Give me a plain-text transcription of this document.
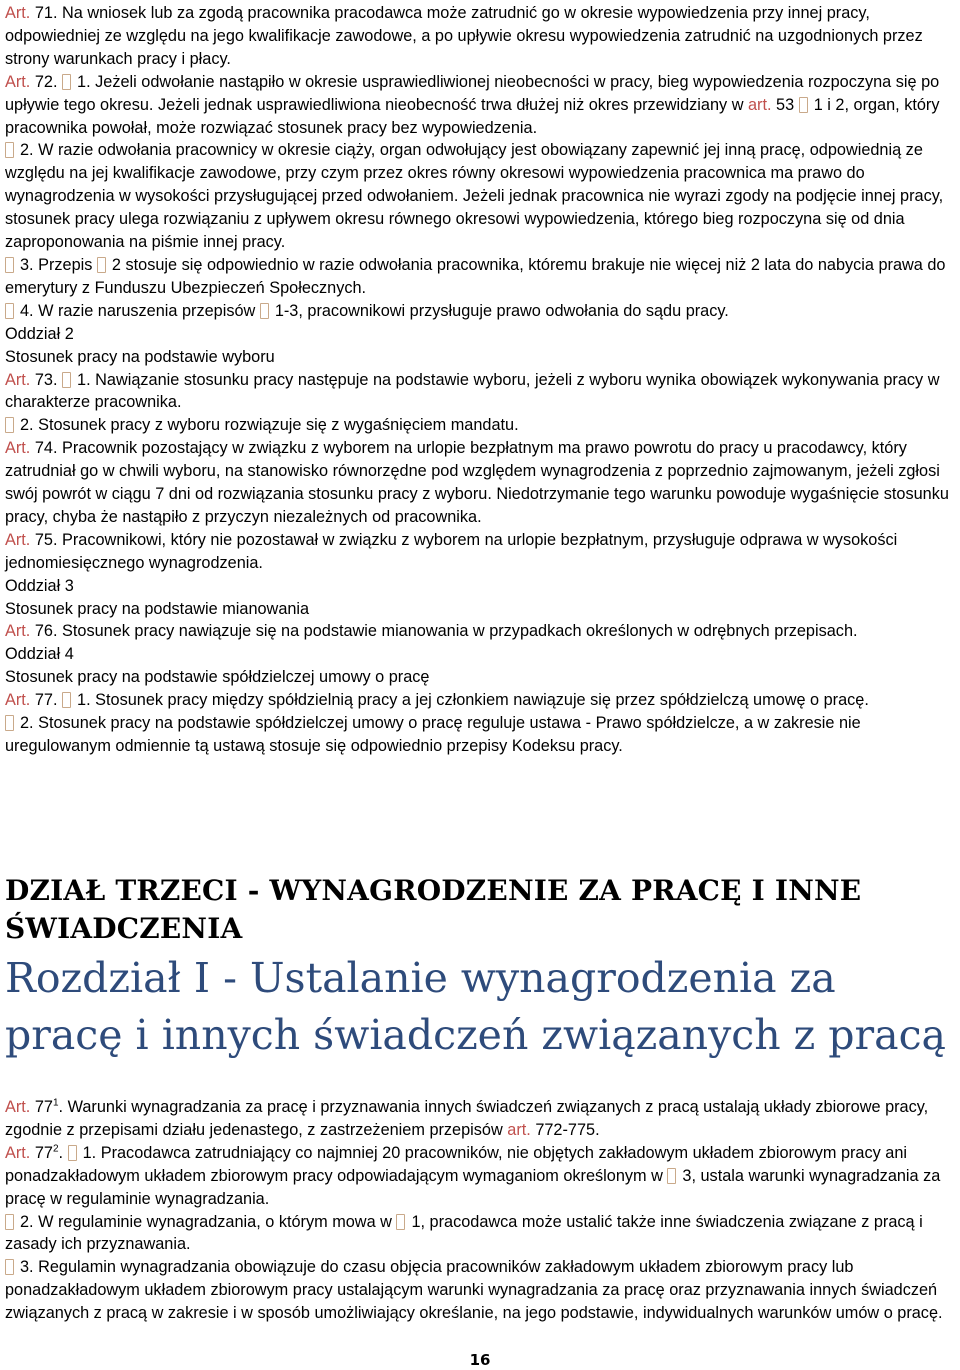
Art. 71. Na wniosek lub za zgodą pracownika pracodawca może zatrudnić go w okresie wypowiedzenia przy innej pracy, odpowiedniej ze względu na jego kwalifikacje zawodowe, a po upływie okresu wypowiedzenia zatrudnić na uzgodnionych przez strony warunkach pracy i płacy.

Art. 72. 1. Jeżeli odwołanie nastąpiło w okresie usprawiedliwionej nieobecności w pracy, bieg wypowiedzenia rozpoczyna się po upływie tego okresu. Jeżeli jednak usprawiedliwiona nieobecność trwa dłużej niż okres przewidziany w art. 53 1 i 2, organ, który pracownika powołał, może rozwiązać stosunek pracy bez wypowiedzenia.

2. W razie odwołania pracownicy w okresie ciąży, organ odwołujący jest obowiązany zapewnić jej inną pracę, odpowiednią ze względu na jej kwalifikacje zawodowe, przy czym przez okres równy okresowi wypowiedzenia pracownica ma prawo do wynagrodzenia w wysokości przysługującej przed odwołaniem. Jeżeli jednak pracownica nie wyrazi zgody na podjęcie innej pracy, stosunek pracy ulega rozwiązaniu z upływem okresu równego okresowi wypowiedzenia, którego bieg rozpoczyna się od dnia zaproponowania na piśmie innej pracy.

3. Przepis 2 stosuje się odpowiednio w razie odwołania pracownika, któremu brakuje nie więcej niż 2 lata do nabycia prawa do emerytury z Funduszu Ubezpieczeń Społecznych.

4. W razie naruszenia przepisów 1-3, pracownikowi przysługuje prawo odwołania do sądu pracy.

Oddział 2

Stosunek pracy na podstawie wyboru

Art. 73. 1. Nawiązanie stosunku pracy następuje na podstawie wyboru, jeżeli z wyboru wynika obowiązek wykonywania pracy w charakterze pracownika.

2. Stosunek pracy z wyboru rozwiązuje się z wygaśnięciem mandatu.

Art. 74. Pracownik pozostający w związku z wyborem na urlopie bezpłatnym ma prawo powrotu do pracy u pracodawcy, który zatrudniał go w chwili wyboru, na stanowisko równorzędne pod względem wynagrodzenia z poprzednio zajmowanym, jeżeli zgłosi swój powrót w ciągu 7 dni od rozwiązania stosunku pracy z wyboru. Niedotrzymanie tego warunku powoduje wygaśnięcie stosunku pracy, chyba że nastąpiło z przyczyn niezależnych od pracownika.

Art. 75. Pracownikowi, który nie pozostawał w związku z wyborem na urlopie bezpłatnym, przysługuje odprawa w wysokości jednomiesięcznego wynagrodzenia.

Oddział 3

Stosunek pracy na podstawie mianowania

Art. 76. Stosunek pracy nawiązuje się na podstawie mianowania w przypadkach określonych w odrębnych przepisach.

Oddział 4

Stosunek pracy na podstawie spółdzielczej umowy o pracę

Art. 77. 1. Stosunek pracy między spółdzielnią pracy a jej członkiem nawiązuje się przez spółdzielczą umowę o pracę.

2. Stosunek pracy na podstawie spółdzielczej umowy o pracę reguluje ustawa - Prawo spółdzielcze, a w zakresie nie uregulowanym odmiennie tą ustawą stosuje się odpowiednio przepisy Kodeksu pracy.

DZIAŁ TRZECI - WYNAGRODZENIE ZA PRACĘ I INNE ŚWIADCZENIA
Rozdział I - Ustalanie wynagrodzenia za pracę i innych świadczeń związanych z pracą

Art. $77^1$. Warunki wynagradzania za pracę i przyznawania innych świadczeń związanych z pracą ustalają układy zbiorowe pracy, zgodnie z przepisami działu jedenastego, z zastrzeżeniem przepisów art. 772-775.

Art. $77^2$. 1. Pracodawca zatrudniający co najmniej 20 pracowników, nie objętych zakładowym układem zbiorowym pracy ani ponadzakładowym układem zbiorowym pracy odpowiadającym wymaganiom określonym w 3, ustala warunki wynagradzania za pracę w regulaminie wynagradzania.

2. W regulaminie wynagradzania, o którym mowa w 1, pracodawca może ustalić także inne świadczenia związane z pracą i zasady ich przyznawania.

3. Regulamin wynagradzania obowiązuje do czasu objęcia pracowników zakładowym układem zbiorowym pracy lub ponadzakładowym układem zbiorowym pracy ustalającym warunki wynagradzania za pracę oraz przyznawania innych świadczeń związanych z pracą w zakresie i w sposób umożliwiający określanie, na jego podstawie, indywidualnych warunków umów o pracę.

16
